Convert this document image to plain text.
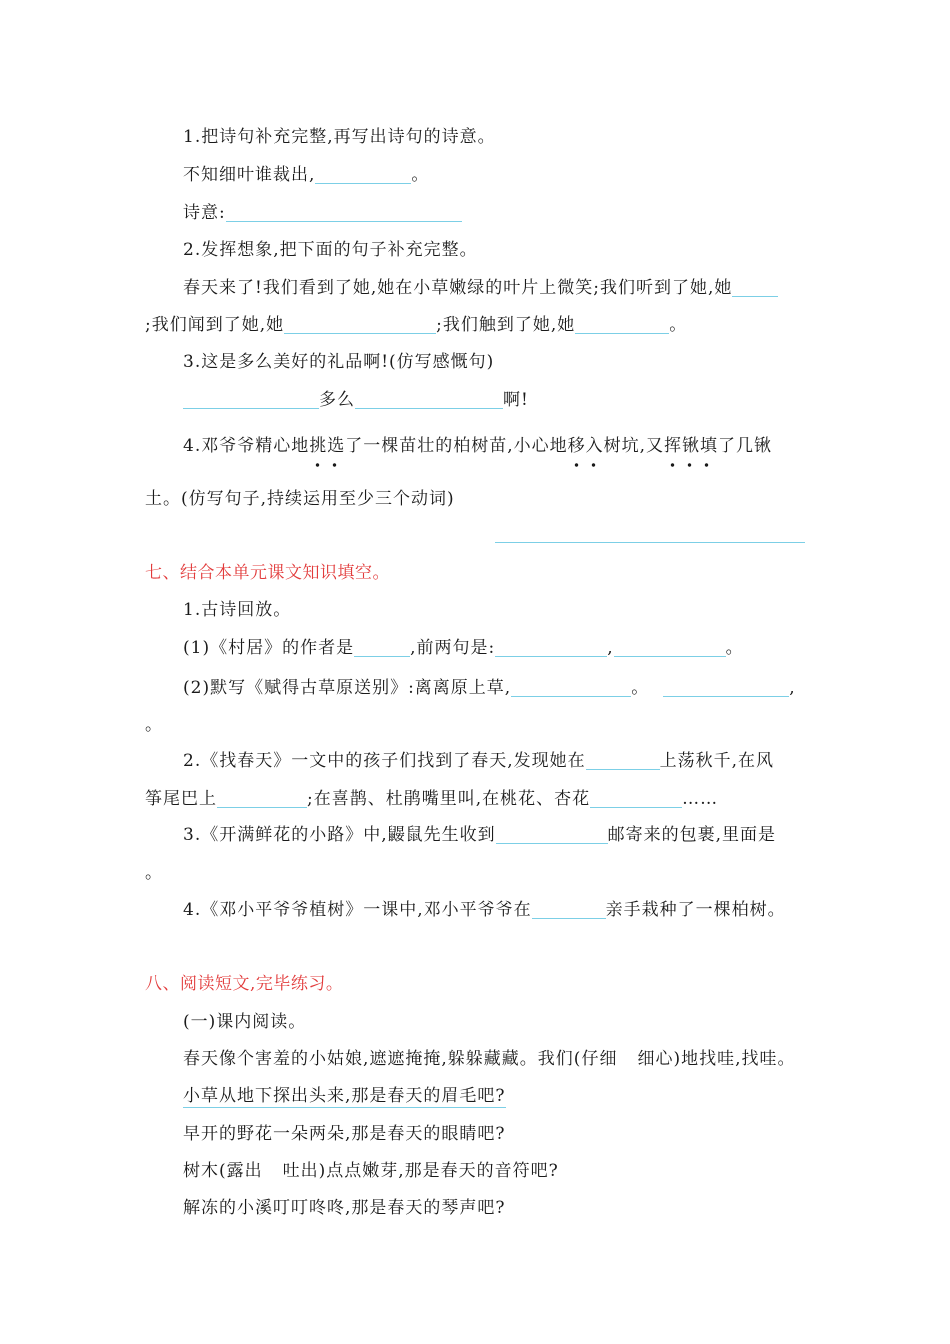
1.把诗句补充完整,再写出诗句的诗意。
不知细叶谁裁出,	。
诗意:
2.发挥想象,把下面的句子补充完整。
春天来了!我们看到了她,她在小草嫩绿的叶片上微笑;我们听到了她,她
;我们闻到了她,她	;我们触到了她,她	。
3.这是多么美好的礼品啊!(仿写感慨句)
多么	啊!
4.邓爷爷精心地挑选了一棵苗壮的柏树苗,小心地移入树坑,又挥锹填了几锹
土。(仿写句子,持续运用至少三个动词)
七、结合本单元课文知识填空。
1.古诗回放。
(1)《村居》的作者是	,前两句是:	,	。
(2)默写《赋得古草原送别》:离离原上草,	。	,
。
2.《找春天》一文中的孩子们找到了春天,发现她在	上荡秋千,在风
筝尾巴上	;在喜鹊、杜鹃嘴里叫,在桃花、杏花	……
3.《开满鲜花的小路》中,鼹鼠先生收到	邮寄来的包裹,里面是
。
4.《邓小平爷爷植树》一课中,邓小平爷爷在	亲手栽种了一棵柏树。
八、阅读短文,完毕练习。
(一)课内阅读。
春天像个害羞的小姑娘,遮遮掩掩,躲躲藏藏。我们(仔细 细心)地找哇,找哇。
小草从地下探出头来,那是春天的眉毛吧?
早开的野花一朵两朵,那是春天的眼睛吧?
树木(露出 吐出)点点嫩芽,那是春天的音符吧?
解冻的小溪叮叮咚咚,那是春天的琴声吧?
